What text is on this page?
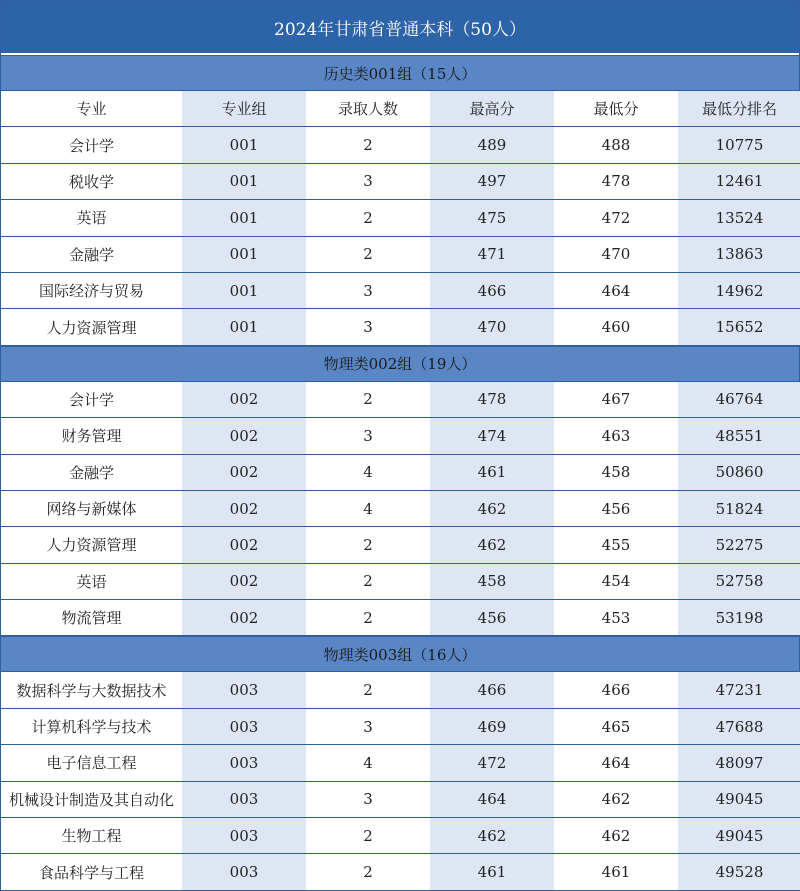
2024年甘肃省普通本科（50人）
历史类001组（15人）
专业	专业组	录取人数	最高分	最低分	最低分排名
会计学	001	2	489	488	10775
税收学	001	3	497	478	12461
英语	001	2	475	472	13524
金融学	001	2	471	470	13863
国际经济与贸易	001	3	466	464	14962
人力资源管理	001	3	470	460	15652
物理类002组（19人）
会计学	002	2	478	467	46764
财务管理	002	3	474	463	48551
金融学	002	4	461	458	50860
网络与新媒体	002	4	462	456	51824
人力资源管理	002	2	462	455	52275
英语	002	2	458	454	52758
物流管理	002	2	456	453	53198
物理类003组（16人）
数据科学与大数据技术	003	2	466	466	47231
计算机科学与技术	003	3	469	465	47688
电子信息工程	003	4	472	464	48097
机械设计制造及其自动化	003	3	464	462	49045
生物工程	003	2	462	462	49045
食品科学与工程	003	2	461	461	49528
